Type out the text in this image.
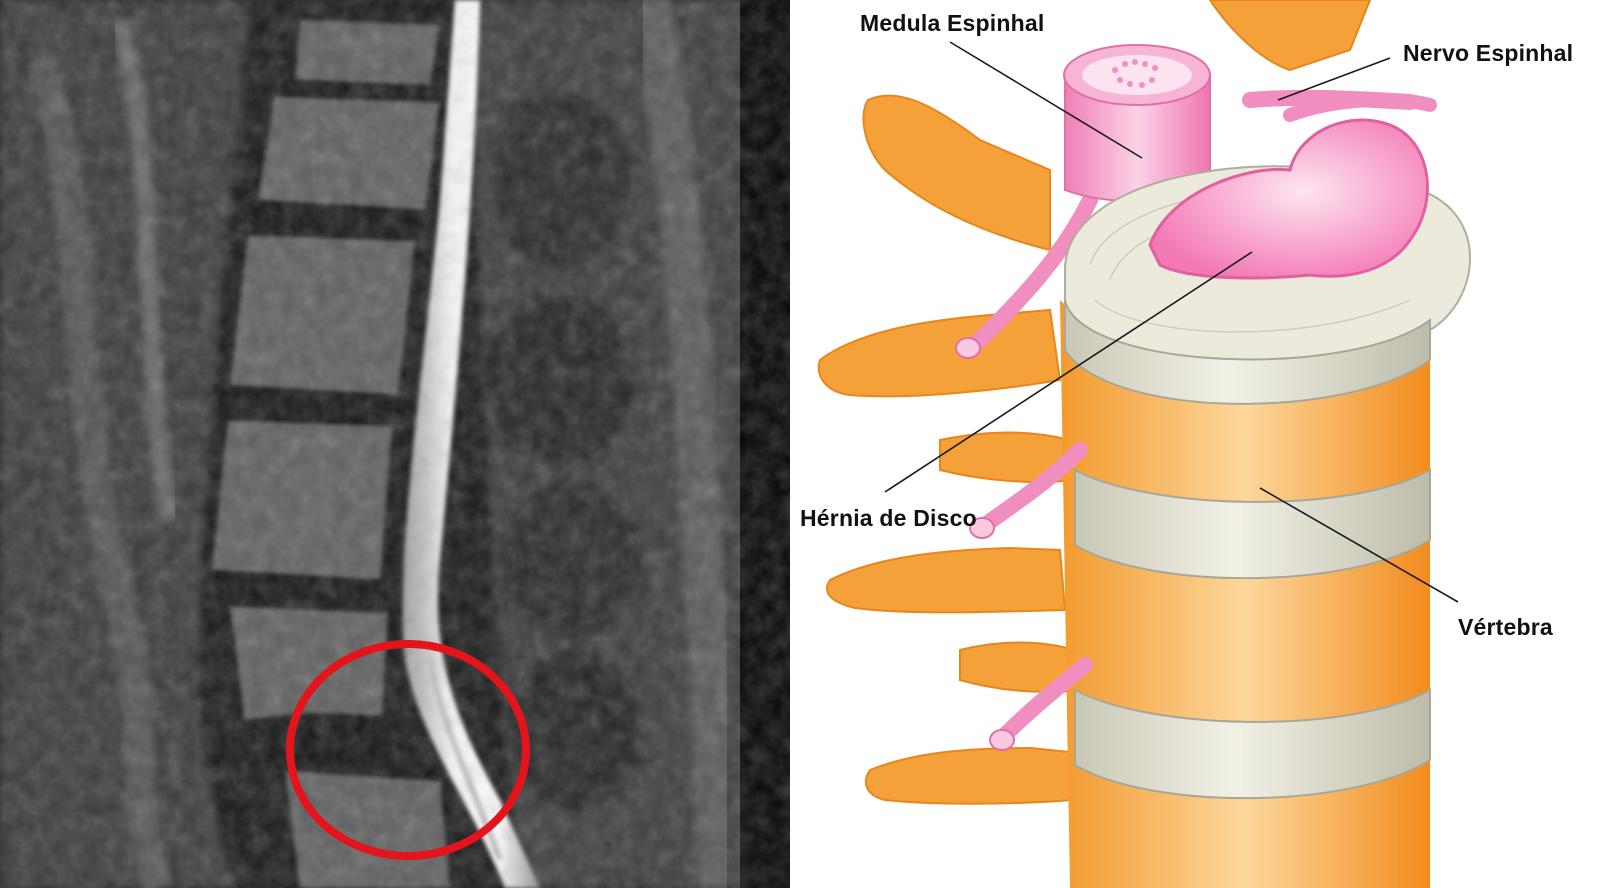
Medula Espinhal

Nervo Espinhal

Hérnia de Disco

Vértebra
